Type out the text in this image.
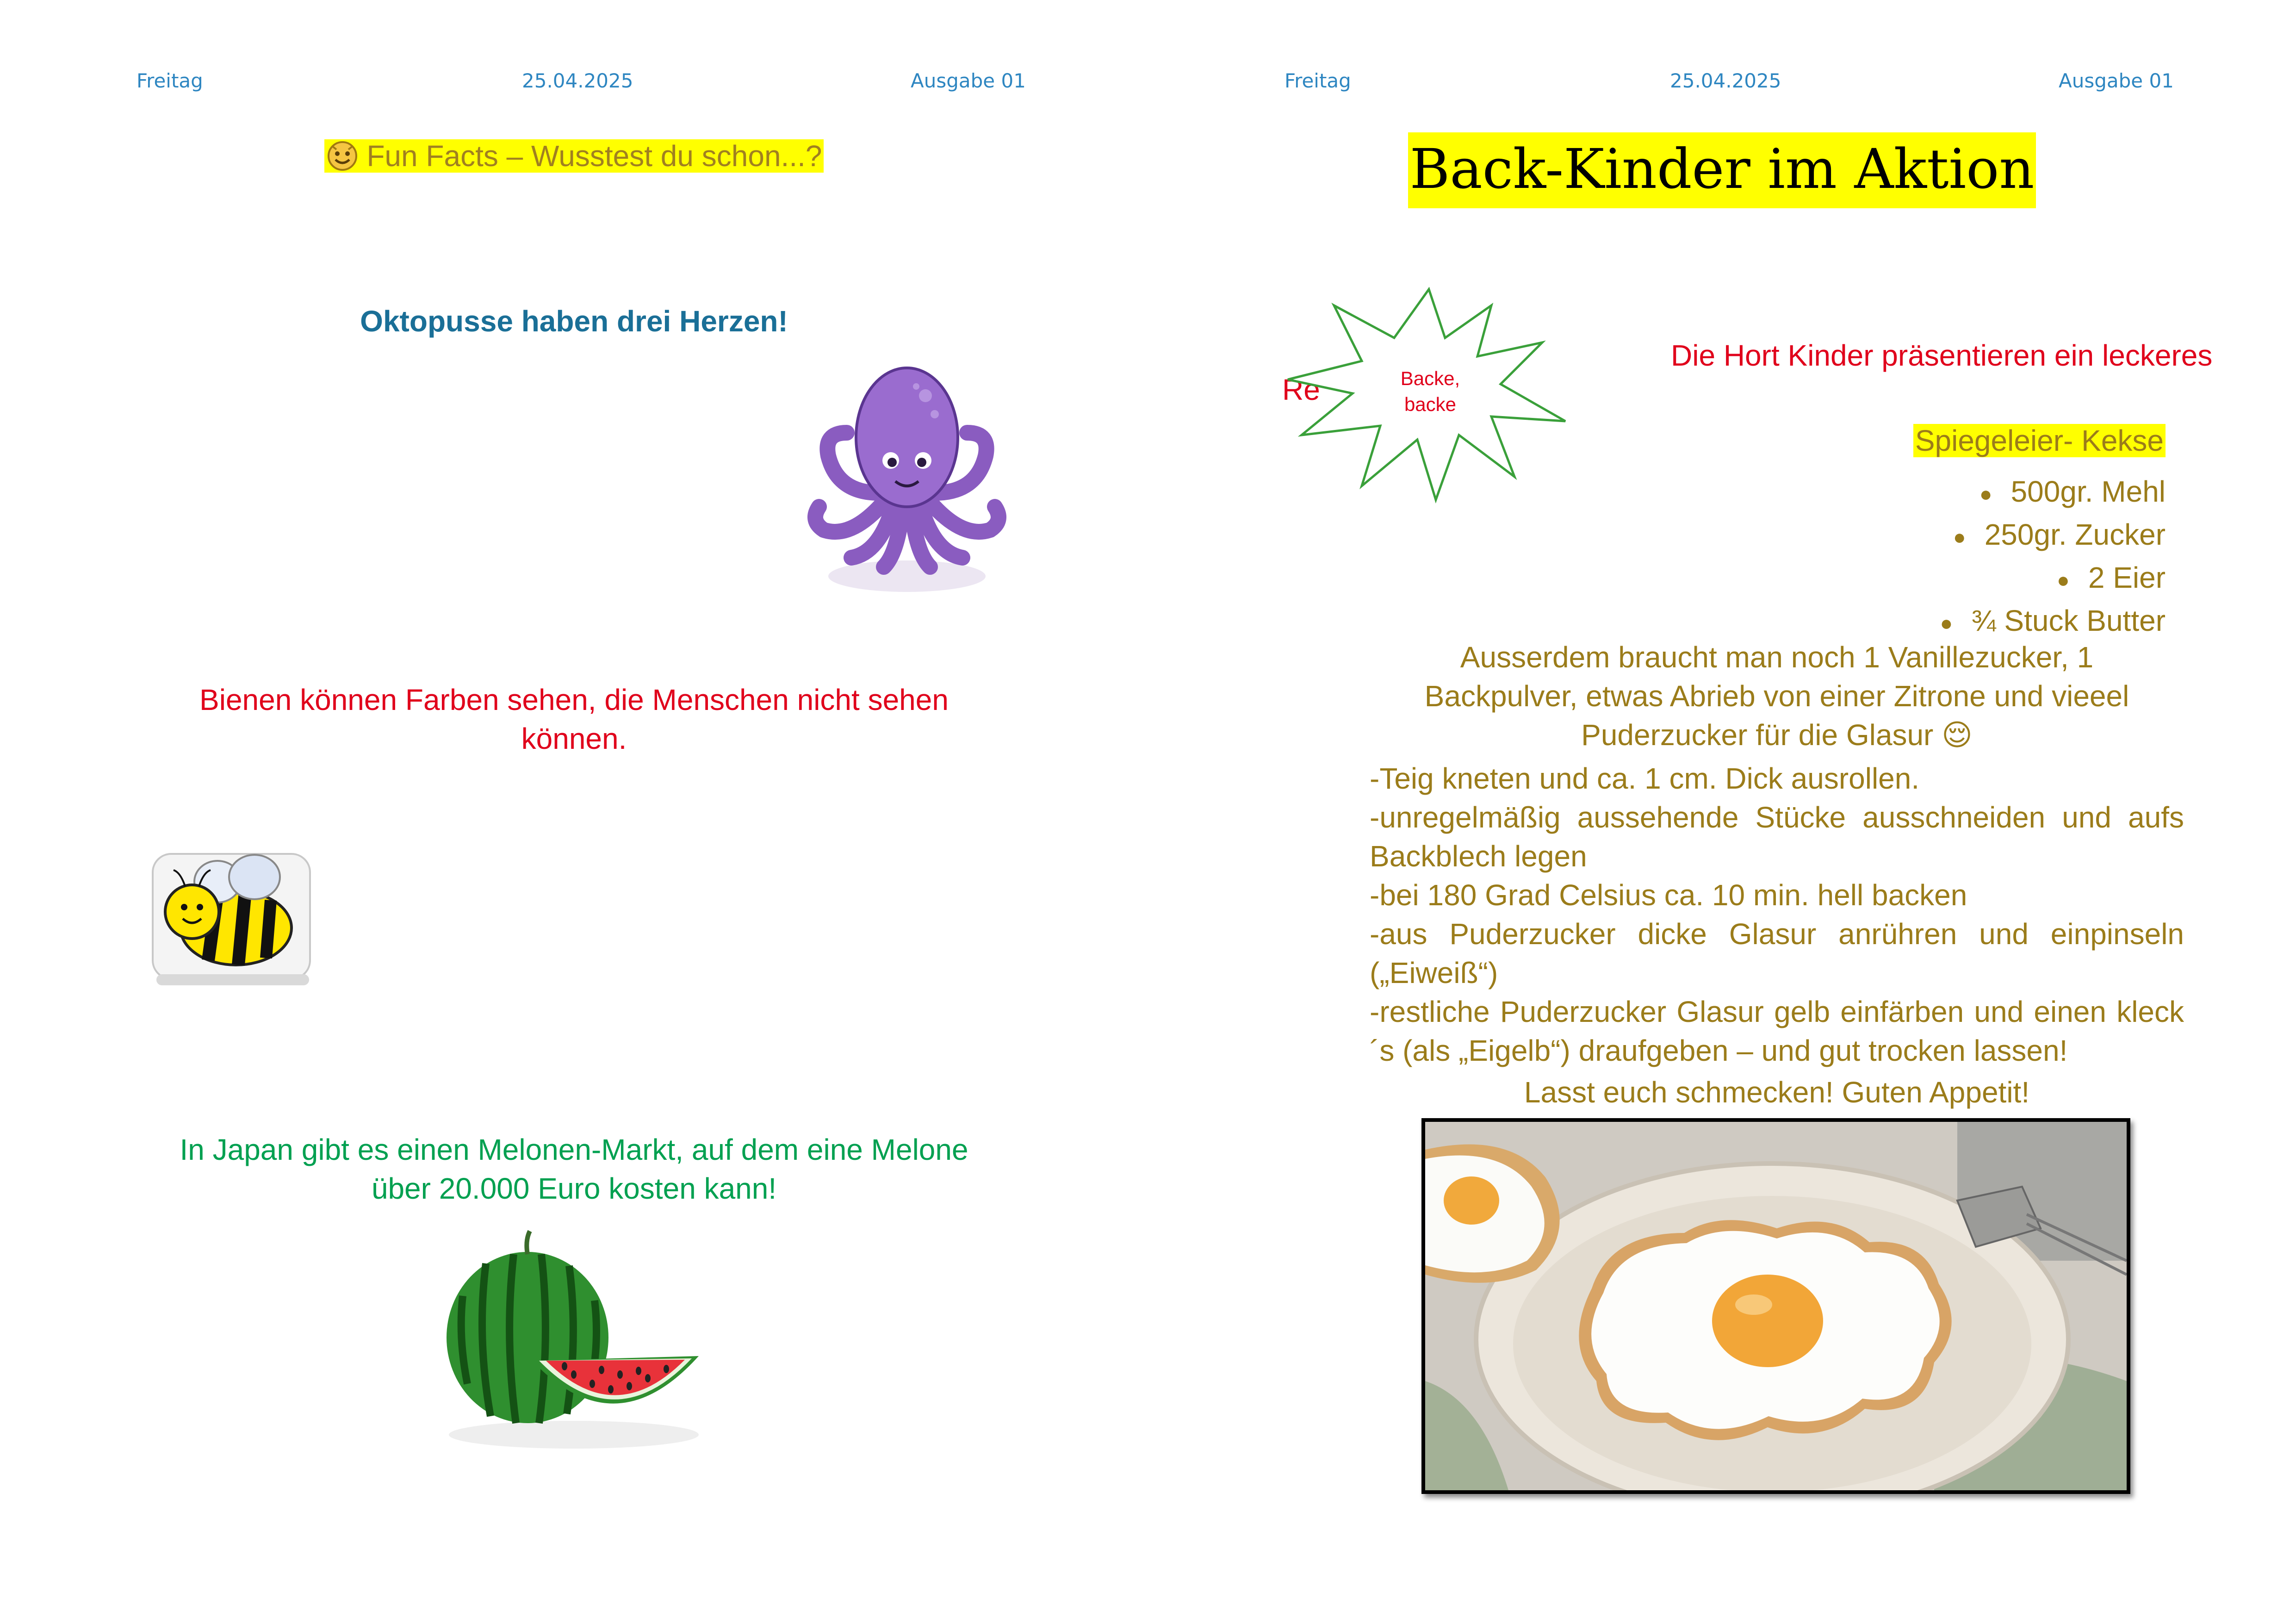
Freitag	25.04.2025	Ausgabe 01
Fun Facts – Wusstest du schon...?
Oktopusse haben drei Herzen!
Bienen können Farben sehen, die Menschen nicht sehen
können.
In Japan gibt es einen Melonen-Markt, auf dem eine Melone
über 20.000 Euro kosten kann!
Freitag	25.04.2025	Ausgabe 01
Back-Kinder im Aktion
Die Hort Kinder präsentieren ein leckeres
Re	Backe,
backe
Spiegeleier- Kekse
● 500gr. Mehl
● 250gr. Zucker
● 2 Eier
● ¾ Stuck Butter
Ausserdem braucht man noch 1 Vanillezucker, 1
Backpulver, etwas Abrieb von einer Zitrone und vieeel
Puderzucker für die Glasur 😌
-Teig kneten und ca. 1 cm. Dick ausrollen.
-unregelmäßig aussehende Stücke ausschneiden und aufs Backblech legen
-bei 180 Grad Celsius ca. 10 min. hell backen
-aus Puderzucker dicke Glasur anrühren und einpinseln („Eiweiß“)
-restliche Puderzucker Glasur gelb einfärben und einen kleck´s (als „Eigelb“) draufgeben – und gut trocken lassen!
Lasst euch schmecken! Guten Appetit!
